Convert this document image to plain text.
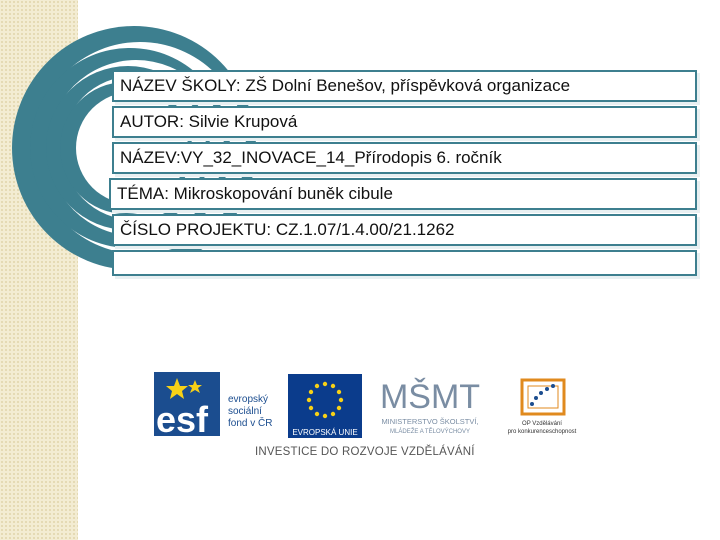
NÁZEV ŠKOLY: ZŠ Dolní Benešov, příspěvková organizace
AUTOR: Silvie Krupová
NÁZEV:VY_32_INOVACE_14_Přírodopis 6. ročník
TÉMA: Mikroskopování buněk cibule
ČÍSLO PROJEKTU: CZ.1.07/1.4.00/21.1262
esf evropský
sociální
fond v ČR
EVROPSKÁ UNIE
MŠMT
MINISTERSTVO ŠKOLSTVÍ,
MLÁDEŽE A TĚLOVÝCHOVY
OP Vzdělávání
pro konkurenceschopnost
INVESTICE DO ROZVOJE VZDĚLÁVÁNÍ
